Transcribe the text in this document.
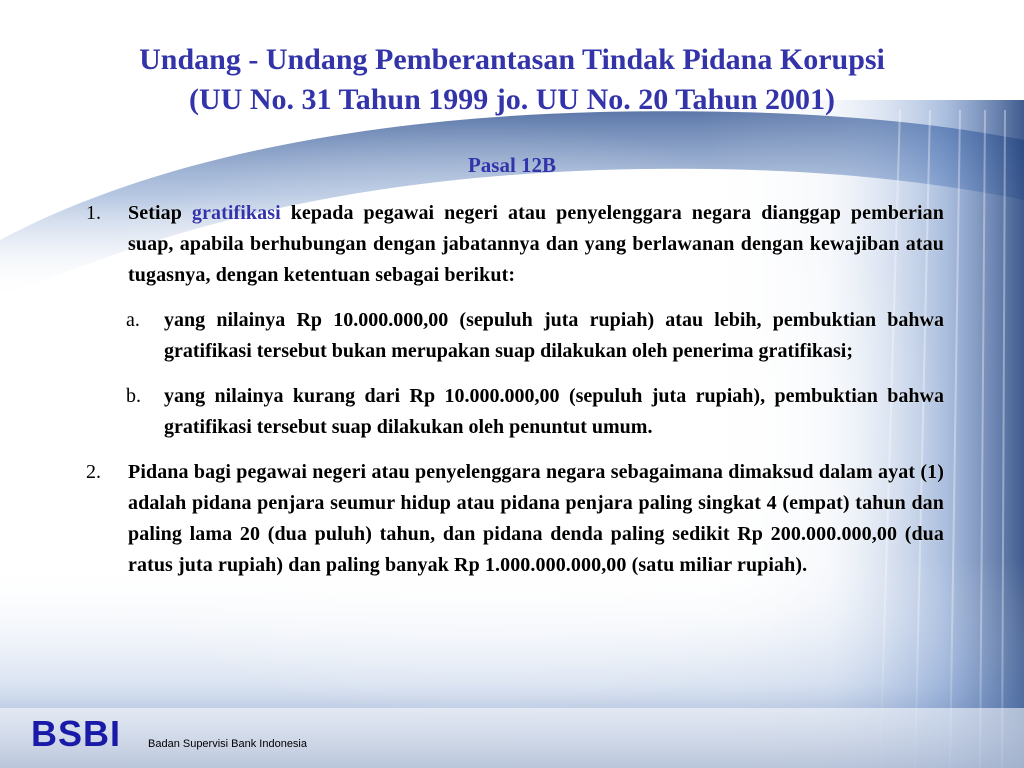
Undang - Undang Pemberantasan Tindak Pidana Korupsi
(UU No. 31 Tahun 1999 jo. UU No. 20 Tahun 2001)
Pasal 12B
1.	Setiap gratifikasi kepada pegawai negeri atau penyelenggara negara dianggap pemberian suap, apabila berhubungan dengan jabatannya dan yang berlawanan dengan kewajiban atau tugasnya, dengan ketentuan sebagai berikut:
a.	yang nilainya Rp 10.000.000,00 (sepuluh juta rupiah) atau lebih, pembuktian bahwa gratifikasi tersebut bukan merupakan suap dilakukan oleh penerima gratifikasi;
b.	yang nilainya kurang dari Rp 10.000.000,00 (sepuluh juta rupiah), pembuktian bahwa gratifikasi tersebut suap dilakukan oleh penuntut umum.
2.	Pidana bagi pegawai negeri atau penyelenggara negara sebagaimana dimaksud dalam ayat (1) adalah pidana penjara seumur hidup atau pidana penjara paling singkat 4 (empat) tahun dan paling lama 20 (dua puluh) tahun, dan pidana denda paling sedikit Rp 200.000.000,00 (dua ratus juta rupiah) dan paling banyak Rp 1.000.000.000,00 (satu miliar rupiah).
BSBI Badan Supervisi Bank Indonesia
